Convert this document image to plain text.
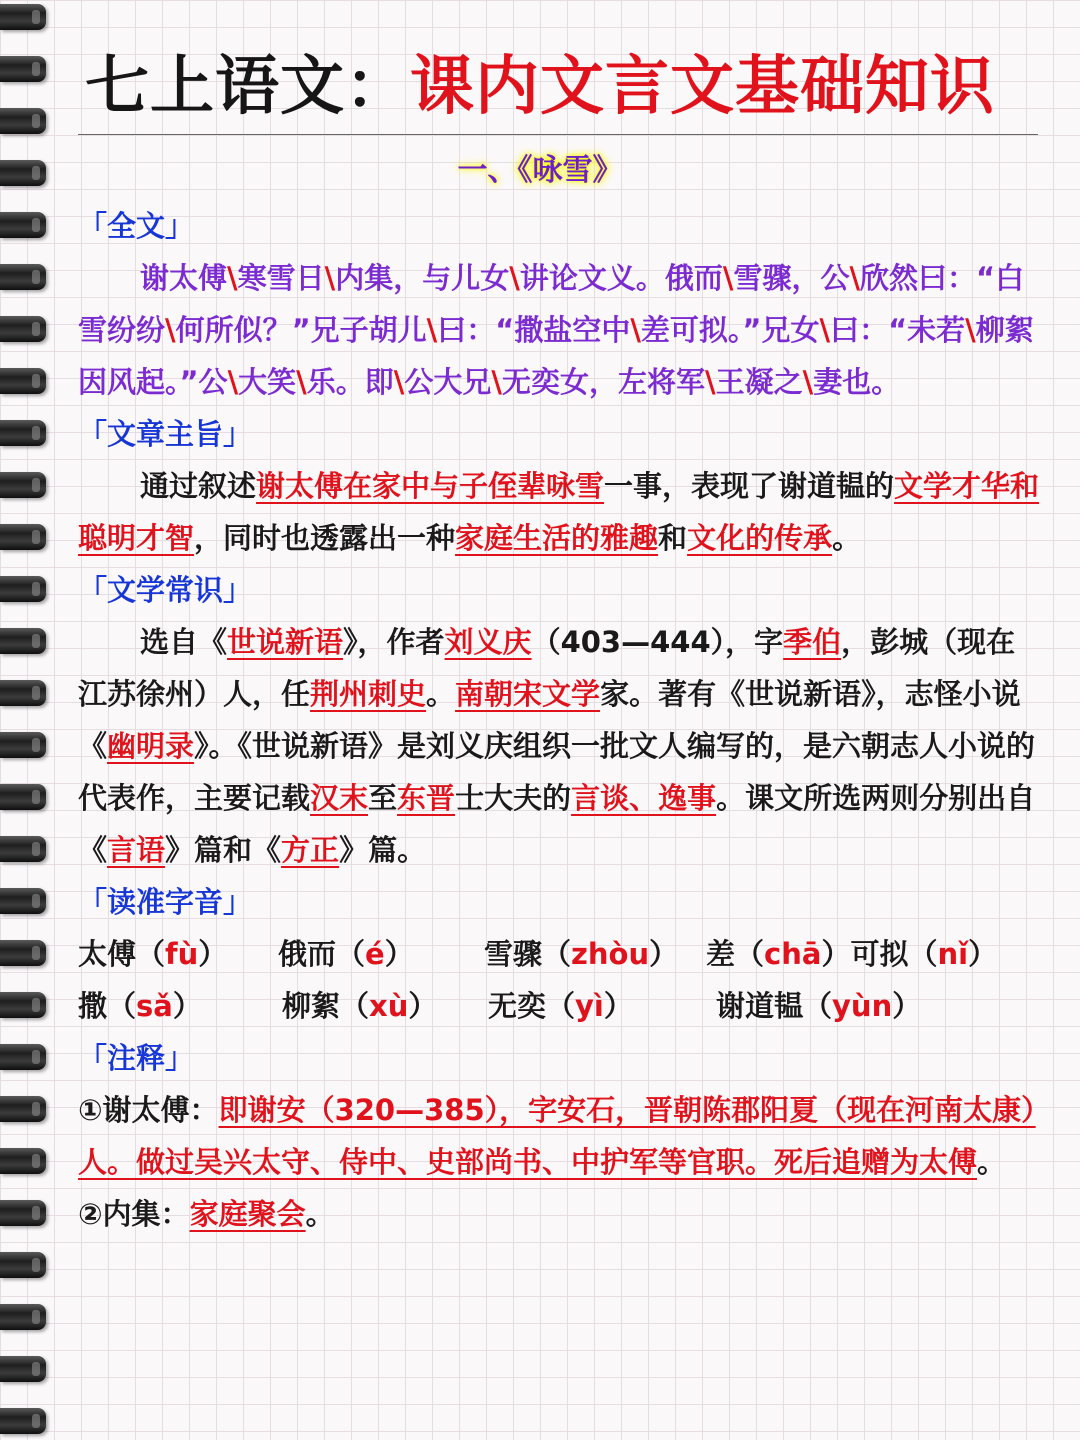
七上语文：课内文言文基础知识
一、《咏雪》
「全文」
谢太傅\寒雪日\内集，与儿女\讲论文义。俄而\雪骤，公\欣然曰：“白雪纷纷\何所似？”兄子胡儿\曰：“撒盐空中\差可拟。”兄女\曰：“未若\柳絮因风起。”公\大笑\乐。即\公大兄\无奕女，左将军\王凝之\妻也。
「文章主旨」
通过叙述谢太傅在家中与子侄辈咏雪一事，表现了谢道韫的文学才华和聪明才智，同时也透露出一种家庭生活的雅趣和文化的传承。
「文学常识」
选自《世说新语》，作者刘义庆（403—444），字季伯，彭城（现在江苏徐州）人，任荆州刺史。南朝宋文学家。著有《世说新语》，志怪小说《幽明录》。《世说新语》是刘义庆组织一批文人编写的，是六朝志人小说的代表作，主要记载汉末至东晋士大夫的言谈、逸事。课文所选两则分别出自《言语》篇和《方正》篇。
「读准字音」
太傅（fù）	俄而（é）	雪骤（zhòu） 差（chā）可拟（nǐ）
撒（sǎ）	柳絮（xù）	无奕（yì）	谢道韫（yùn）
「注释」
①谢太傅：即谢安（320—385），字安石，晋朝陈郡阳夏（现在河南太康）人。做过吴兴太守、侍中、史部尚书、中护军等官职。死后追赠为太傅。
②内集：家庭聚会。
